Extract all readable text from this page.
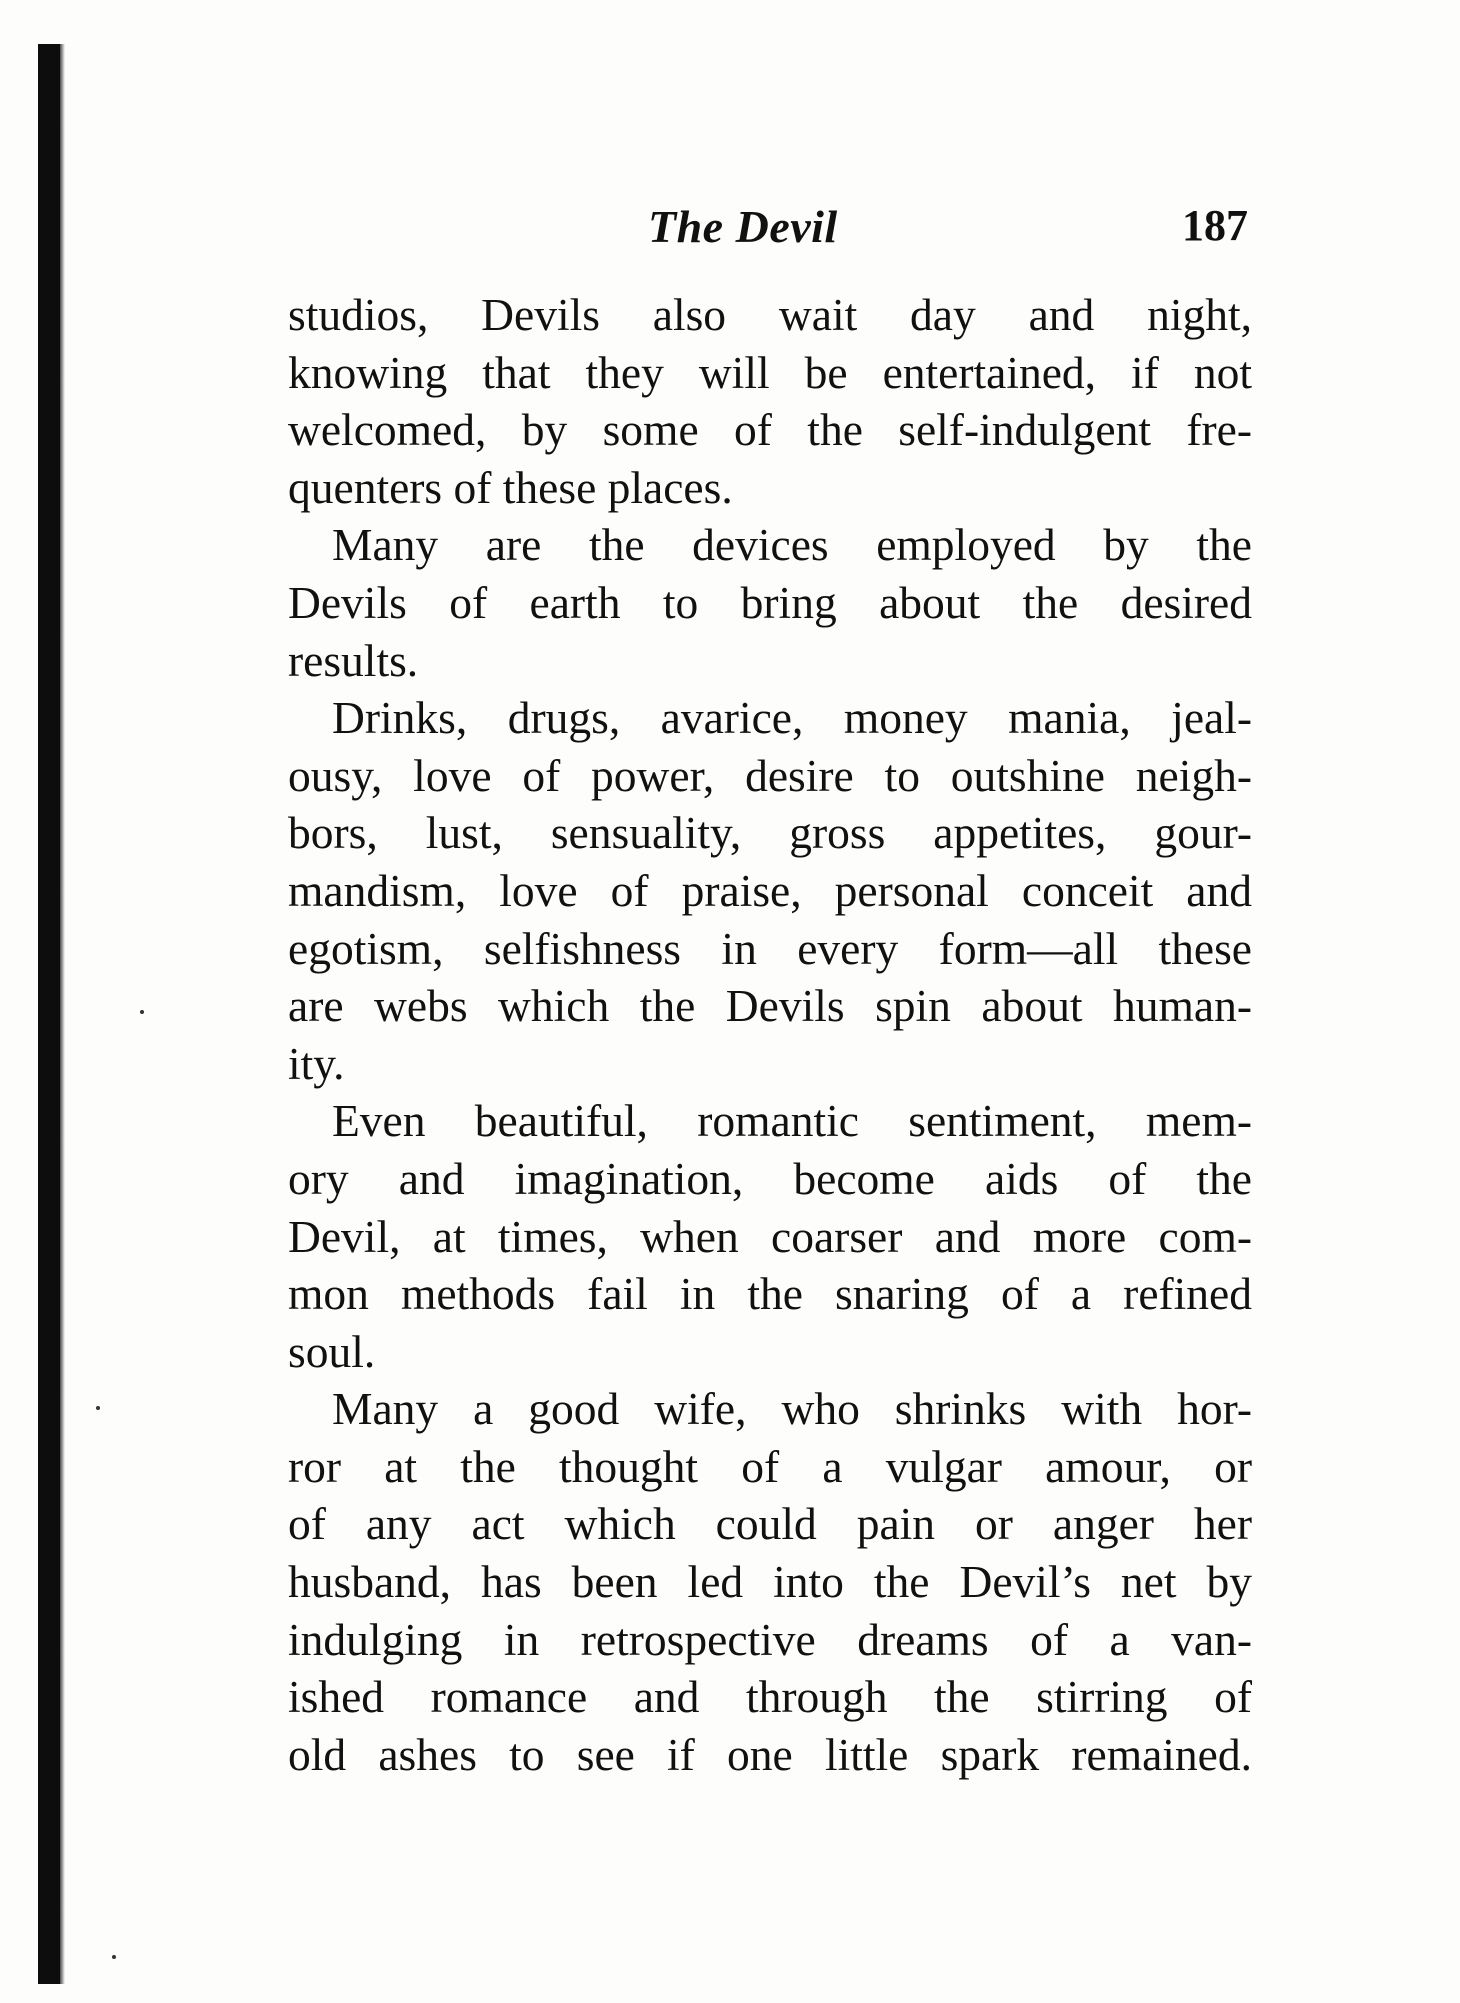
The Devil	187
studios, Devils also wait day and night,
knowing that they will be entertained, if not
welcomed, by some of the self-indulgent fre-
quenters of these places.
Many are the devices employed by the
Devils of earth to bring about the desired
results.
Drinks, drugs, avarice, money mania, jeal-
ousy, love of power, desire to outshine neigh-
bors, lust, sensuality, gross appetites, gour-
mandism, love of praise, personal conceit and
egotism, selfishness in every form—all these
are webs which the Devils spin about human-
ity.
Even beautiful, romantic sentiment, mem-
ory and imagination, become aids of the
Devil, at times, when coarser and more com-
mon methods fail in the snaring of a refined
soul.
Many a good wife, who shrinks with hor-
ror at the thought of a vulgar amour, or
of any act which could pain or anger her
husband, has been led into the Devil’s net by
indulging in retrospective dreams of a van-
ished romance and through the stirring of
old ashes to see if one little spark remained.
